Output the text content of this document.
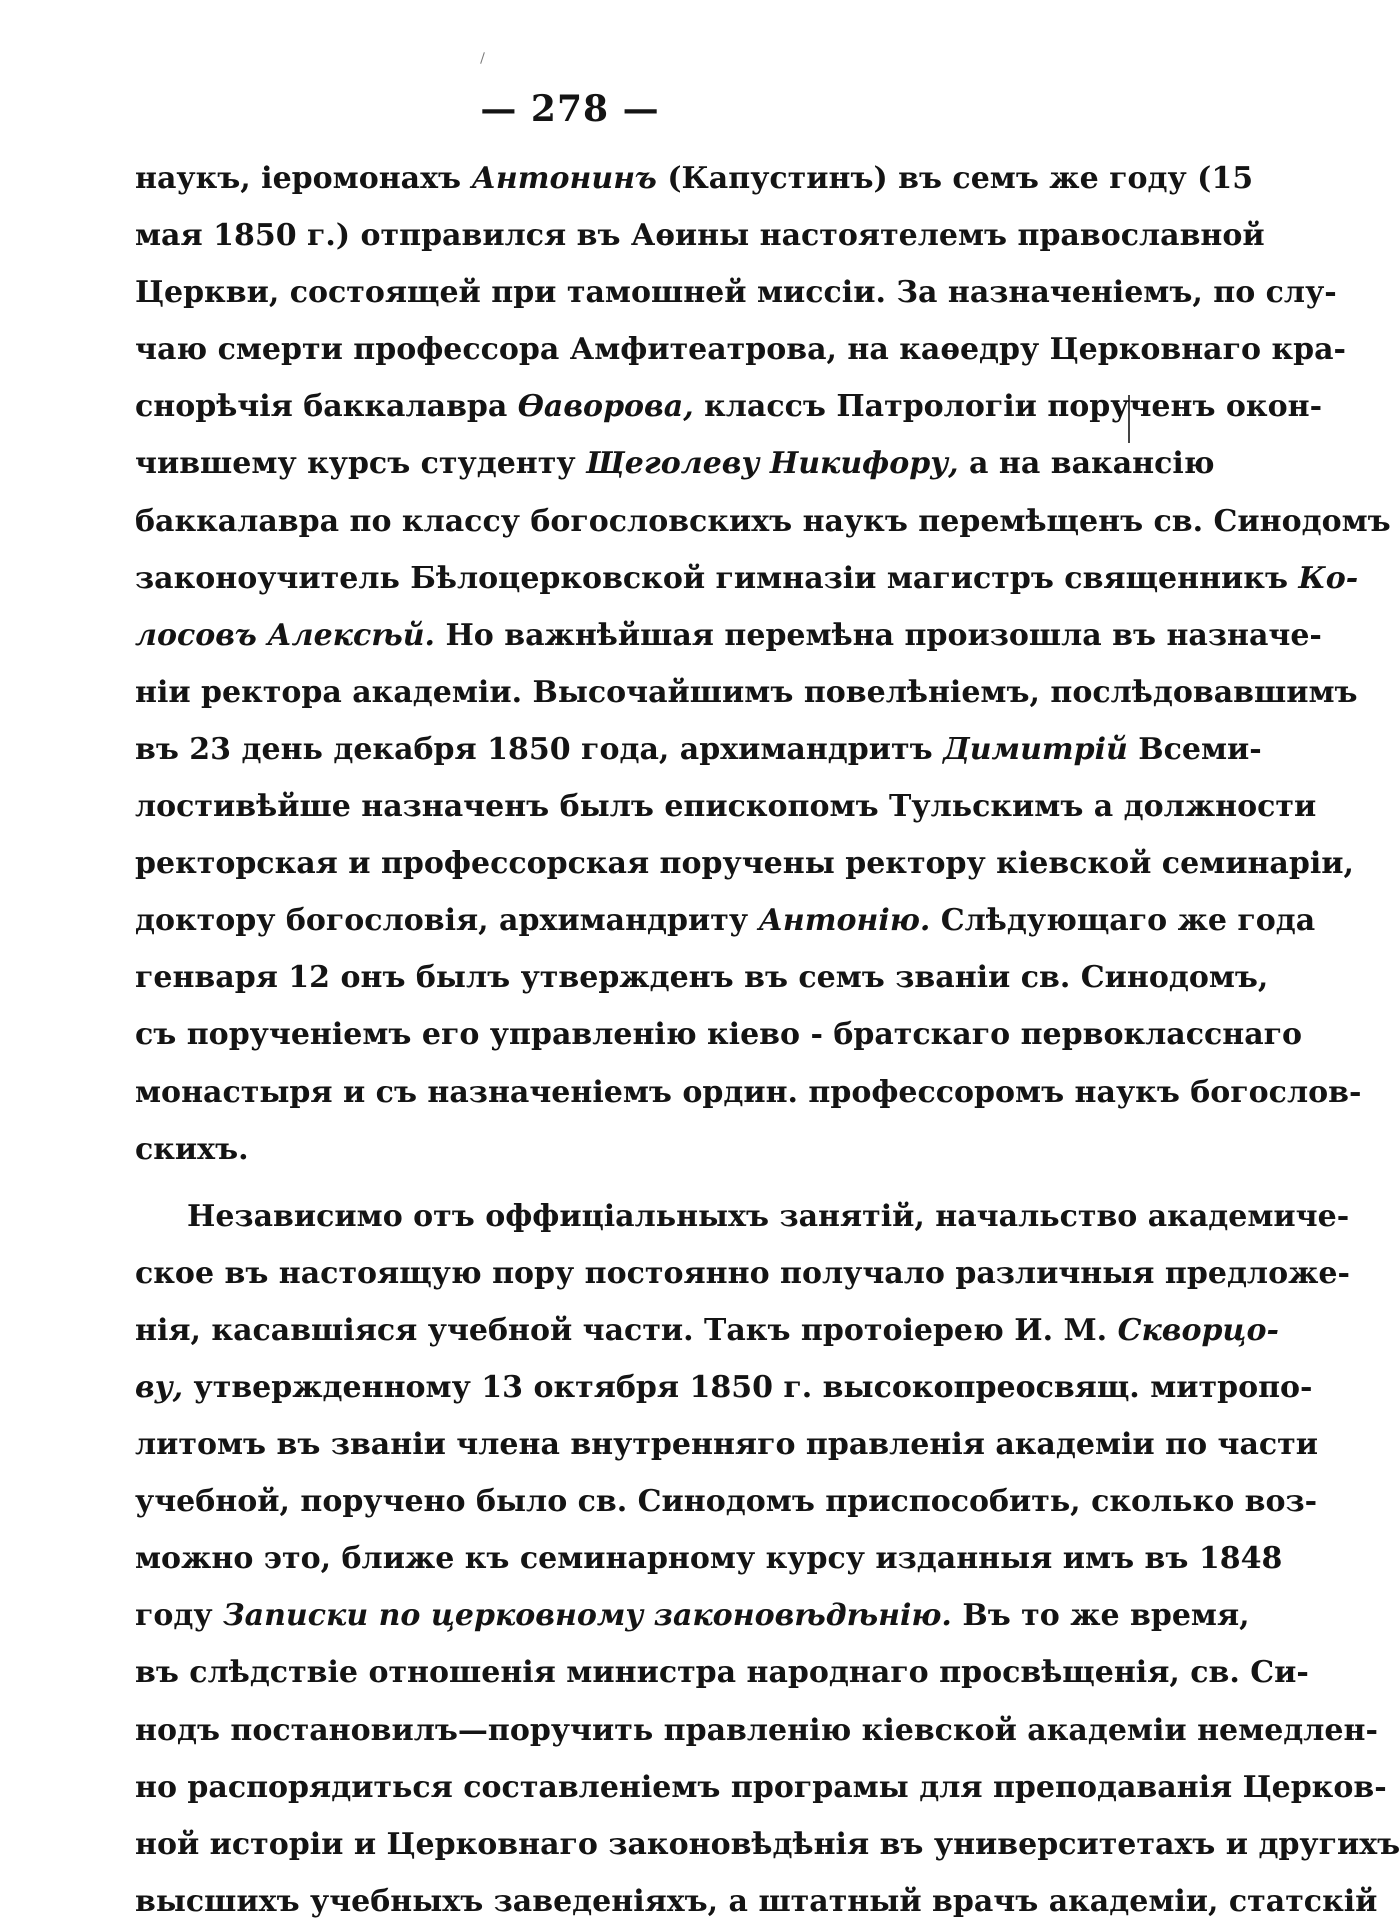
— 278 —
наукъ, іеромонахъ Антонинъ (Капустинъ) въ семъ же году (15
мая 1850 г.) отправился въ Аѳины настоятелемъ православной
Церкви, состоящей при тамошней миссіи. За назначеніемъ, по слу-
чаю смерти профессора Амфитеатрова, на каѳедру Церковнаго кра-
снорѣчія баккалавра Ѳаворова, классъ Патрологіи порученъ окон-
чившему курсъ студенту Щеголеву Никифору, а на вакансію
баккалавра по классу богословскихъ наукъ перемѣщенъ св. Синодомъ
законоучитель Бѣлоцерковской гимназіи магистръ священникъ Ко-
лосовъ Алексѣй. Но важнѣйшая перемѣна произошла въ назначе-
ніи ректора академіи. Высочайшимъ повелѣніемъ, послѣдовавшимъ
въ 23 день декабря 1850 года, архимандритъ Димитрій Всеми-
лостивѣйше назначенъ былъ епископомъ Тульскимъ а должности
ректорская и профессорская поручены ректору кіевской семинаріи,
доктору богословія, архимандриту Антонію. Слѣдующаго же года
генваря 12 онъ былъ утвержденъ въ семъ званіи св. Синодомъ,
съ порученіемъ его управленію кіево - братскаго первокласснаго
монастыря и съ назначеніемъ ордин. профессоромъ наукъ богослов-
скихъ.
Независимо отъ оффиціальныхъ занятій, начальство академиче-
ское въ настоящую пору постоянно получало различныя предложе-
нія, касавшіяся учебной части. Такъ протоіерею И. М. Скворцо-
ву, утвержденному 13 октября 1850 г. высокопреосвящ. митропо-
литомъ въ званіи члена внутренняго правленія академіи по части
учебной, поручено было св. Синодомъ приспособить, сколько воз-
можно это, ближе къ семинарному курсу изданныя имъ въ 1848
году Записки по церковному законовѣдѣнію. Въ то же время,
въ слѣдствіе отношенія министра народнаго просвѣщенія, св. Си-
нодъ постановилъ—поручить правленію кіевской академіи немедлен-
но распорядиться составленіемъ програмы для преподаванія Церков-
ной исторіи и Церковнаго законовѣдѣнія въ университетахъ и другихъ
высшихъ учебныхъ заведеніяхъ, а штатный врачъ академіи, статскій
